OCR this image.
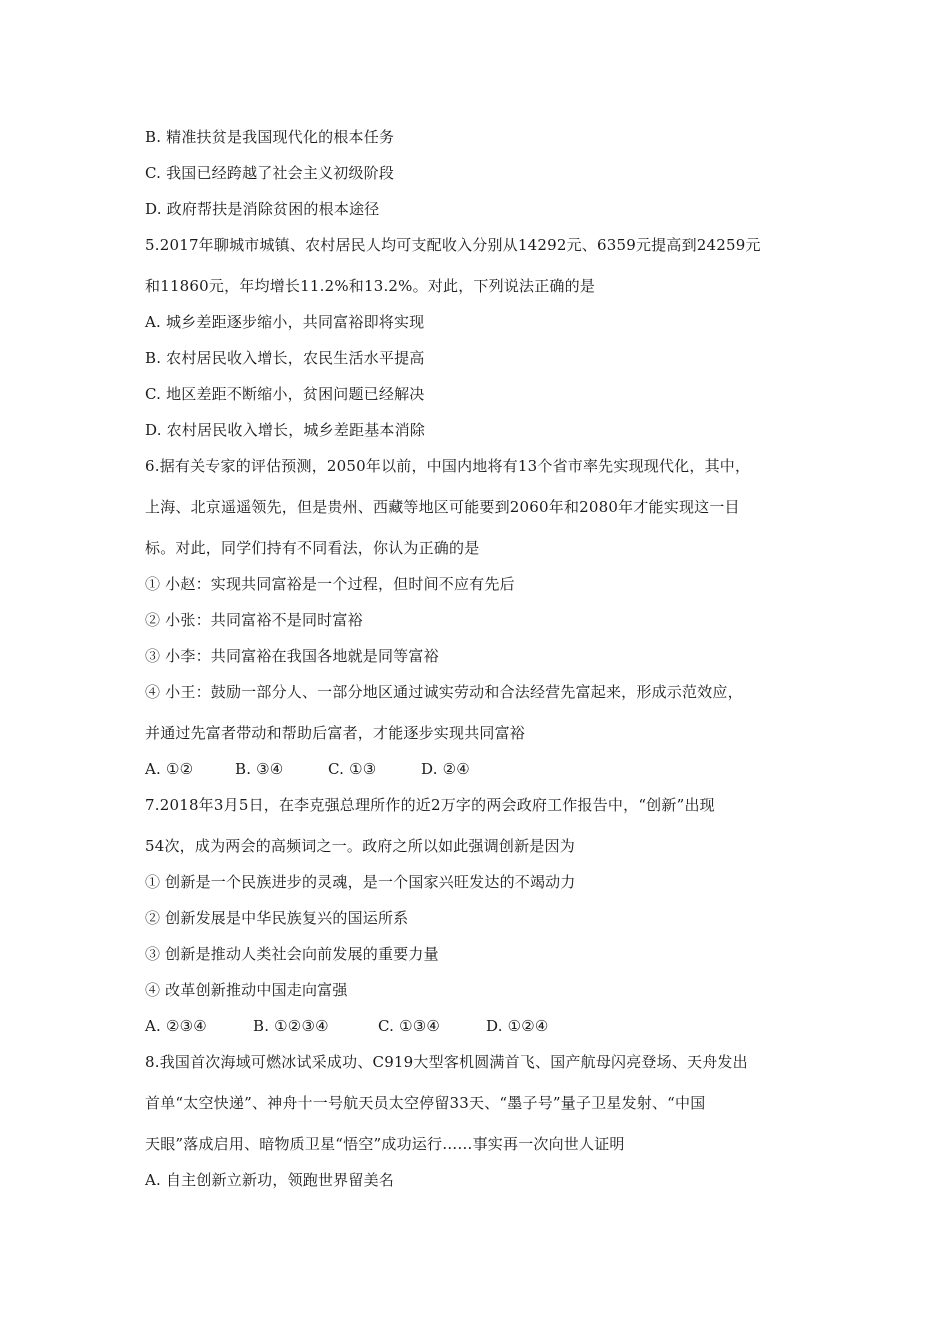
B. 精准扶贫是我国现代化的根本任务
C. 我国已经跨越了社会主义初级阶段
D. 政府帮扶是消除贫困的根本途径
5.2017年聊城市城镇、农村居民人均可支配收入分别从14292元、6359元提高到24259元
和11860元，年均增长11.2%和13.2%。对此，下列说法正确的是
A. 城乡差距逐步缩小，共同富裕即将实现
B. 农村居民收入增长，农民生活水平提高
C. 地区差距不断缩小，贫困问题已经解决
D. 农村居民收入增长，城乡差距基本消除
6.据有关专家的评估预测，2050年以前，中国内地将有13个省市率先实现现代化，其中，
上海、北京遥遥领先，但是贵州、西藏等地区可能要到2060年和2080年才能实现这一目
标。对此，同学们持有不同看法，你认为正确的是
① 小赵：实现共同富裕是一个过程，但时间不应有先后
② 小张：共同富裕不是同时富裕
③ 小李：共同富裕在我国各地就是同等富裕
④ 小王：鼓励一部分人、一部分地区通过诚实劳动和合法经营先富起来，形成示范效应，
并通过先富者带动和帮助后富者，才能逐步实现共同富裕
A. ①②	B. ③④	C. ①③	D. ②④
7.2018年3月5日，在李克强总理所作的近2万字的两会政府工作报告中，“创新”出现
54次，成为两会的高频词之一。政府之所以如此强调创新是因为
① 创新是一个民族进步的灵魂，是一个国家兴旺发达的不竭动力
② 创新发展是中华民族复兴的国运所系
③ 创新是推动人类社会向前发展的重要力量
④ 改革创新推动中国走向富强
A. ②③④	B. ①②③④	C. ①③④	D. ①②④
8.我国首次海域可燃冰试采成功、C919大型客机圆满首飞、国产航母闪亮登场、天舟发出
首单“太空快递”、神舟十一号航天员太空停留33天、“墨子号”量子卫星发射、“中国
天眼”落成启用、暗物质卫星“悟空”成功运行……事实再一次向世人证明
A. 自主创新立新功，领跑世界留美名
